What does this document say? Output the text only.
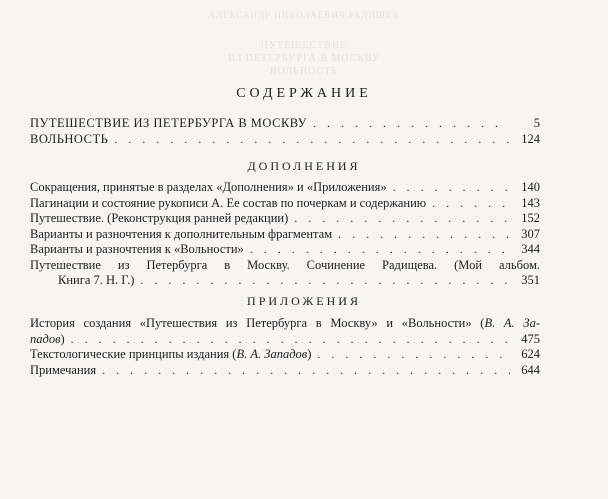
АЛЕКСАНДР НИКОЛАЕВИЧ РАДИЩЕВ
ПУТЕШЕСТВИЕ
ИЗ ПЕТЕРБУРГА В МОСКВУ
ВОЛЬНОСТЬ
СОДЕРЖАНИЕ
ПУТЕШЕСТВИЕ ИЗ ПЕТЕРБУРГА В МОСКВУ . . .	5
ВОЛЬНОСТЬ . . .	124
ДОПОЛНЕНИЯ
Сокращения, принятые в разделах «Дополнения» и «Приложения» . . .	140
Пагинации и состояние рукописи А. Ее состав по почеркам и содержанию . . .	143
Путешествие. (Реконструкция ранней редакции) . . .	152
Варианты и разночтения к дополнительным фрагментам . . .	307
Варианты и разночтения к «Вольности» . . .	344
Путешествие из Петербурга в Москву. Сочинение Радищева. (Мой альбом.
Книга 7. Н. Г.) . . .	351
ПРИЛОЖЕНИЯ
История создания «Путешествия из Петербурга в Москву» и «Вольности» (В. А. За-
падов) . . .	475
Текстологические принципы издания (В. А. Западов) . . .	624
Примечания . . .	644
